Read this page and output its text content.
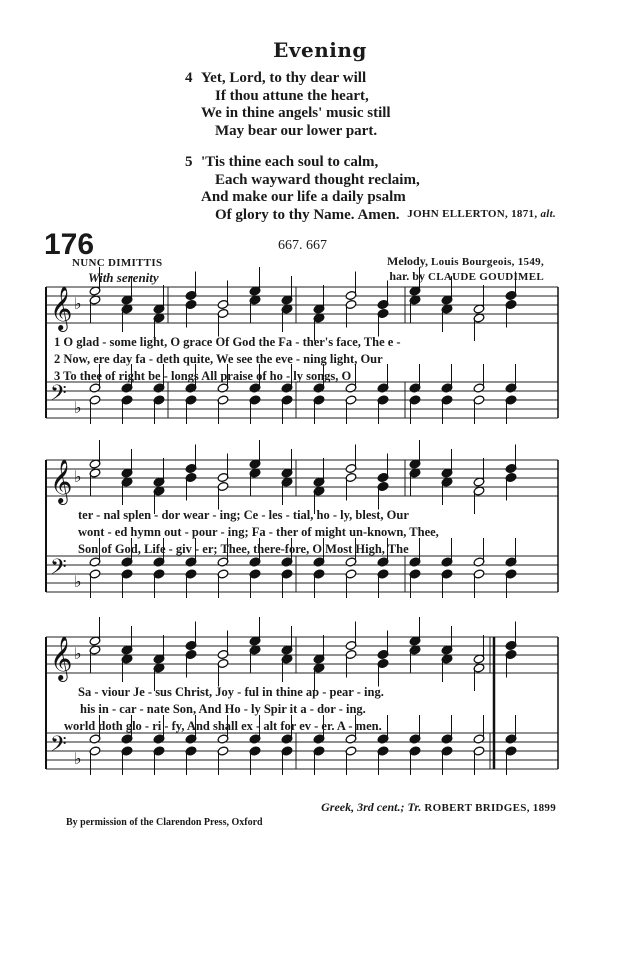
Evening
4 Yet, Lord, to thy dear will
If thou attune the heart,
We in thine angels' music still
May bear our lower part.
5 'Tis thine each soul to calm,
Each wayward thought reclaim,
And make our life a daily psalm
Of glory to thy Name. Amen. JOHN ELLERTON, 1871, alt.
176	667. 667
NUNC DIMITTIS
With serenity
Melody, Louis Bourgeois, 1549,
har. by CLAUDE GOUDIMEL
𝄞 ♭
𝄢 ♭
𝄞 ♭
𝄢 ♭
𝄞 ♭
𝄢 ♭
1 O glad - some light, O grace Of God the Fa - ther's face, The e -
2 Now, ere day fa - deth quite, We see the eve - ning light, Our
3 To thee of right be - longs All praise of ho - ly songs, O
ter - nal splen - dor wear - ing; Ce - les - tial, ho - ly, blest, Our
wont - ed hymn out - pour - ing; Fa - ther of might un-known, Thee,
Son of God, Life - giv - er; Thee, there-fore, O Most High, The
Sa - viour Je - sus Christ, Joy - ful in thine ap - pear - ing.
his in - car - nate Son, And Ho - ly Spir it a - dor - ing.
world doth glo - ri - fy, And shall ex - alt for ev - er. A - men.
Greek, 3rd cent.; Tr. ROBERT BRIDGES, 1899
By permission of the Clarendon Press, Oxford
